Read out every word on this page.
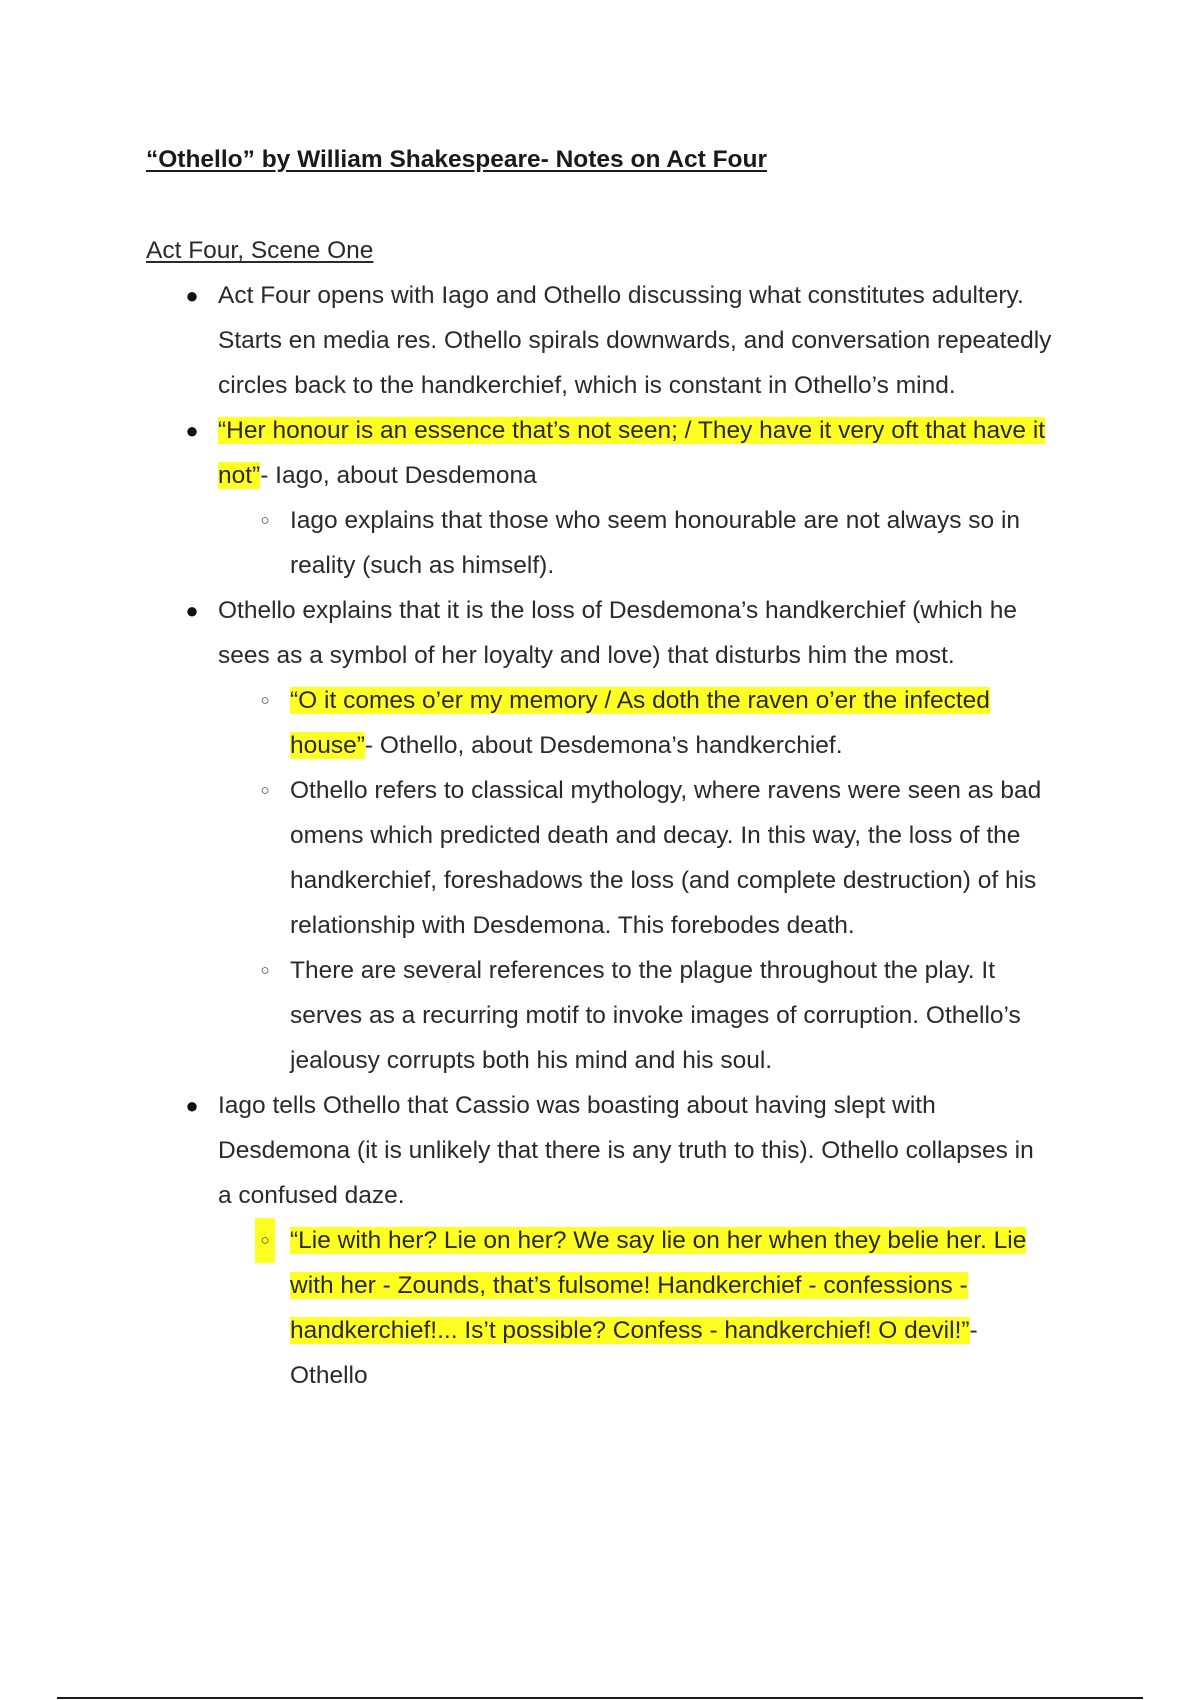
“Othello” by William Shakespeare- Notes on Act Four
Act Four, Scene One
● Act Four opens with Iago and Othello discussing what constitutes adultery. Starts en media res. Othello spirals downwards, and conversation repeatedly circles back to the handkerchief, which is constant in Othello’s mind.
● “Her honour is an essence that’s not seen; / They have it very oft that have it not”- Iago, about Desdemona
○ Iago explains that those who seem honourable are not always so in reality (such as himself).
● Othello explains that it is the loss of Desdemona’s handkerchief (which he sees as a symbol of her loyalty and love) that disturbs him the most.
○ “O it comes o’er my memory / As doth the raven o’er the infected house”- Othello, about Desdemona’s handkerchief.
○ Othello refers to classical mythology, where ravens were seen as bad omens which predicted death and decay. In this way, the loss of the handkerchief, foreshadows the loss (and complete destruction) of his relationship with Desdemona. This forebodes death.
○ There are several references to the plague throughout the play. It serves as a recurring motif to invoke images of corruption. Othello’s jealousy corrupts both his mind and his soul.
● Iago tells Othello that Cassio was boasting about having slept with Desdemona (it is unlikely that there is any truth to this). Othello collapses in a confused daze.
○ “Lie with her? Lie on her? We say lie on her when they belie her. Lie with her - Zounds, that’s fulsome! Handkerchief - confessions - handkerchief!... Is’t possible? Confess - handkerchief! O devil!”- Othello
